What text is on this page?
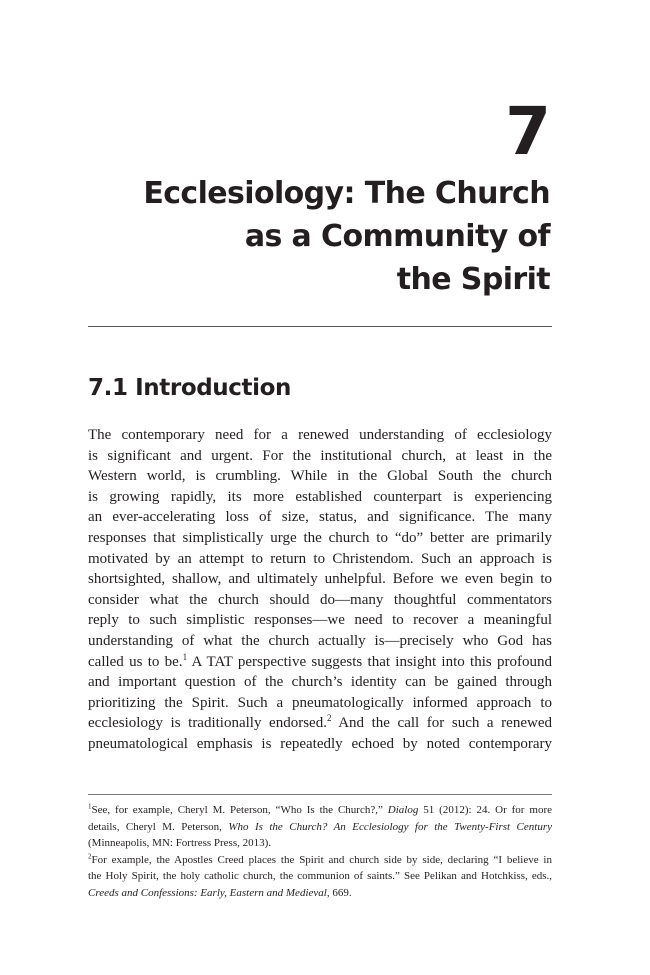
7
Ecclesiology: The Church
as a Community of
the Spirit
7.1 Introduction
The contemporary need for a renewed understanding of ecclesiology
is significant and urgent. For the institutional church, at least in the
Western world, is crumbling. While in the Global South the church
is growing rapidly, its more established counterpart is experiencing
an ever-accelerating loss of size, status, and significance. The many
responses that simplistically urge the church to “do” better are primarily
motivated by an attempt to return to Christendom. Such an approach is
shortsighted, shallow, and ultimately unhelpful. Before we even begin to
consider what the church should do—many thoughtful commentators
reply to such simplistic responses—we need to recover a meaningful
understanding of what the church actually is—precisely who God has
called us to be.$^1$ A TAT perspective suggests that insight into this profound
and important question of the church’s identity can be gained through
prioritizing the Spirit. Such a pneumatologically informed approach to
ecclesiology is traditionally endorsed.$^2$ And the call for such a renewed
pneumatological emphasis is repeatedly echoed by noted contemporary
$^1$See, for example, Cheryl M. Peterson, “Who Is the Church?,” Dialog 51 (2012): 24. Or for more
details, Cheryl M. Peterson, Who Is the Church? An Ecclesiology for the Twenty-First Century
(Minneapolis, MN: Fortress Press, 2013).
$^2$For example, the Apostles Creed places the Spirit and church side by side, declaring “I believe in
the Holy Spirit, the holy catholic church, the communion of saints.” See Pelikan and Hotchkiss, eds.,
Creeds and Confessions: Early, Eastern and Medieval, 669.
